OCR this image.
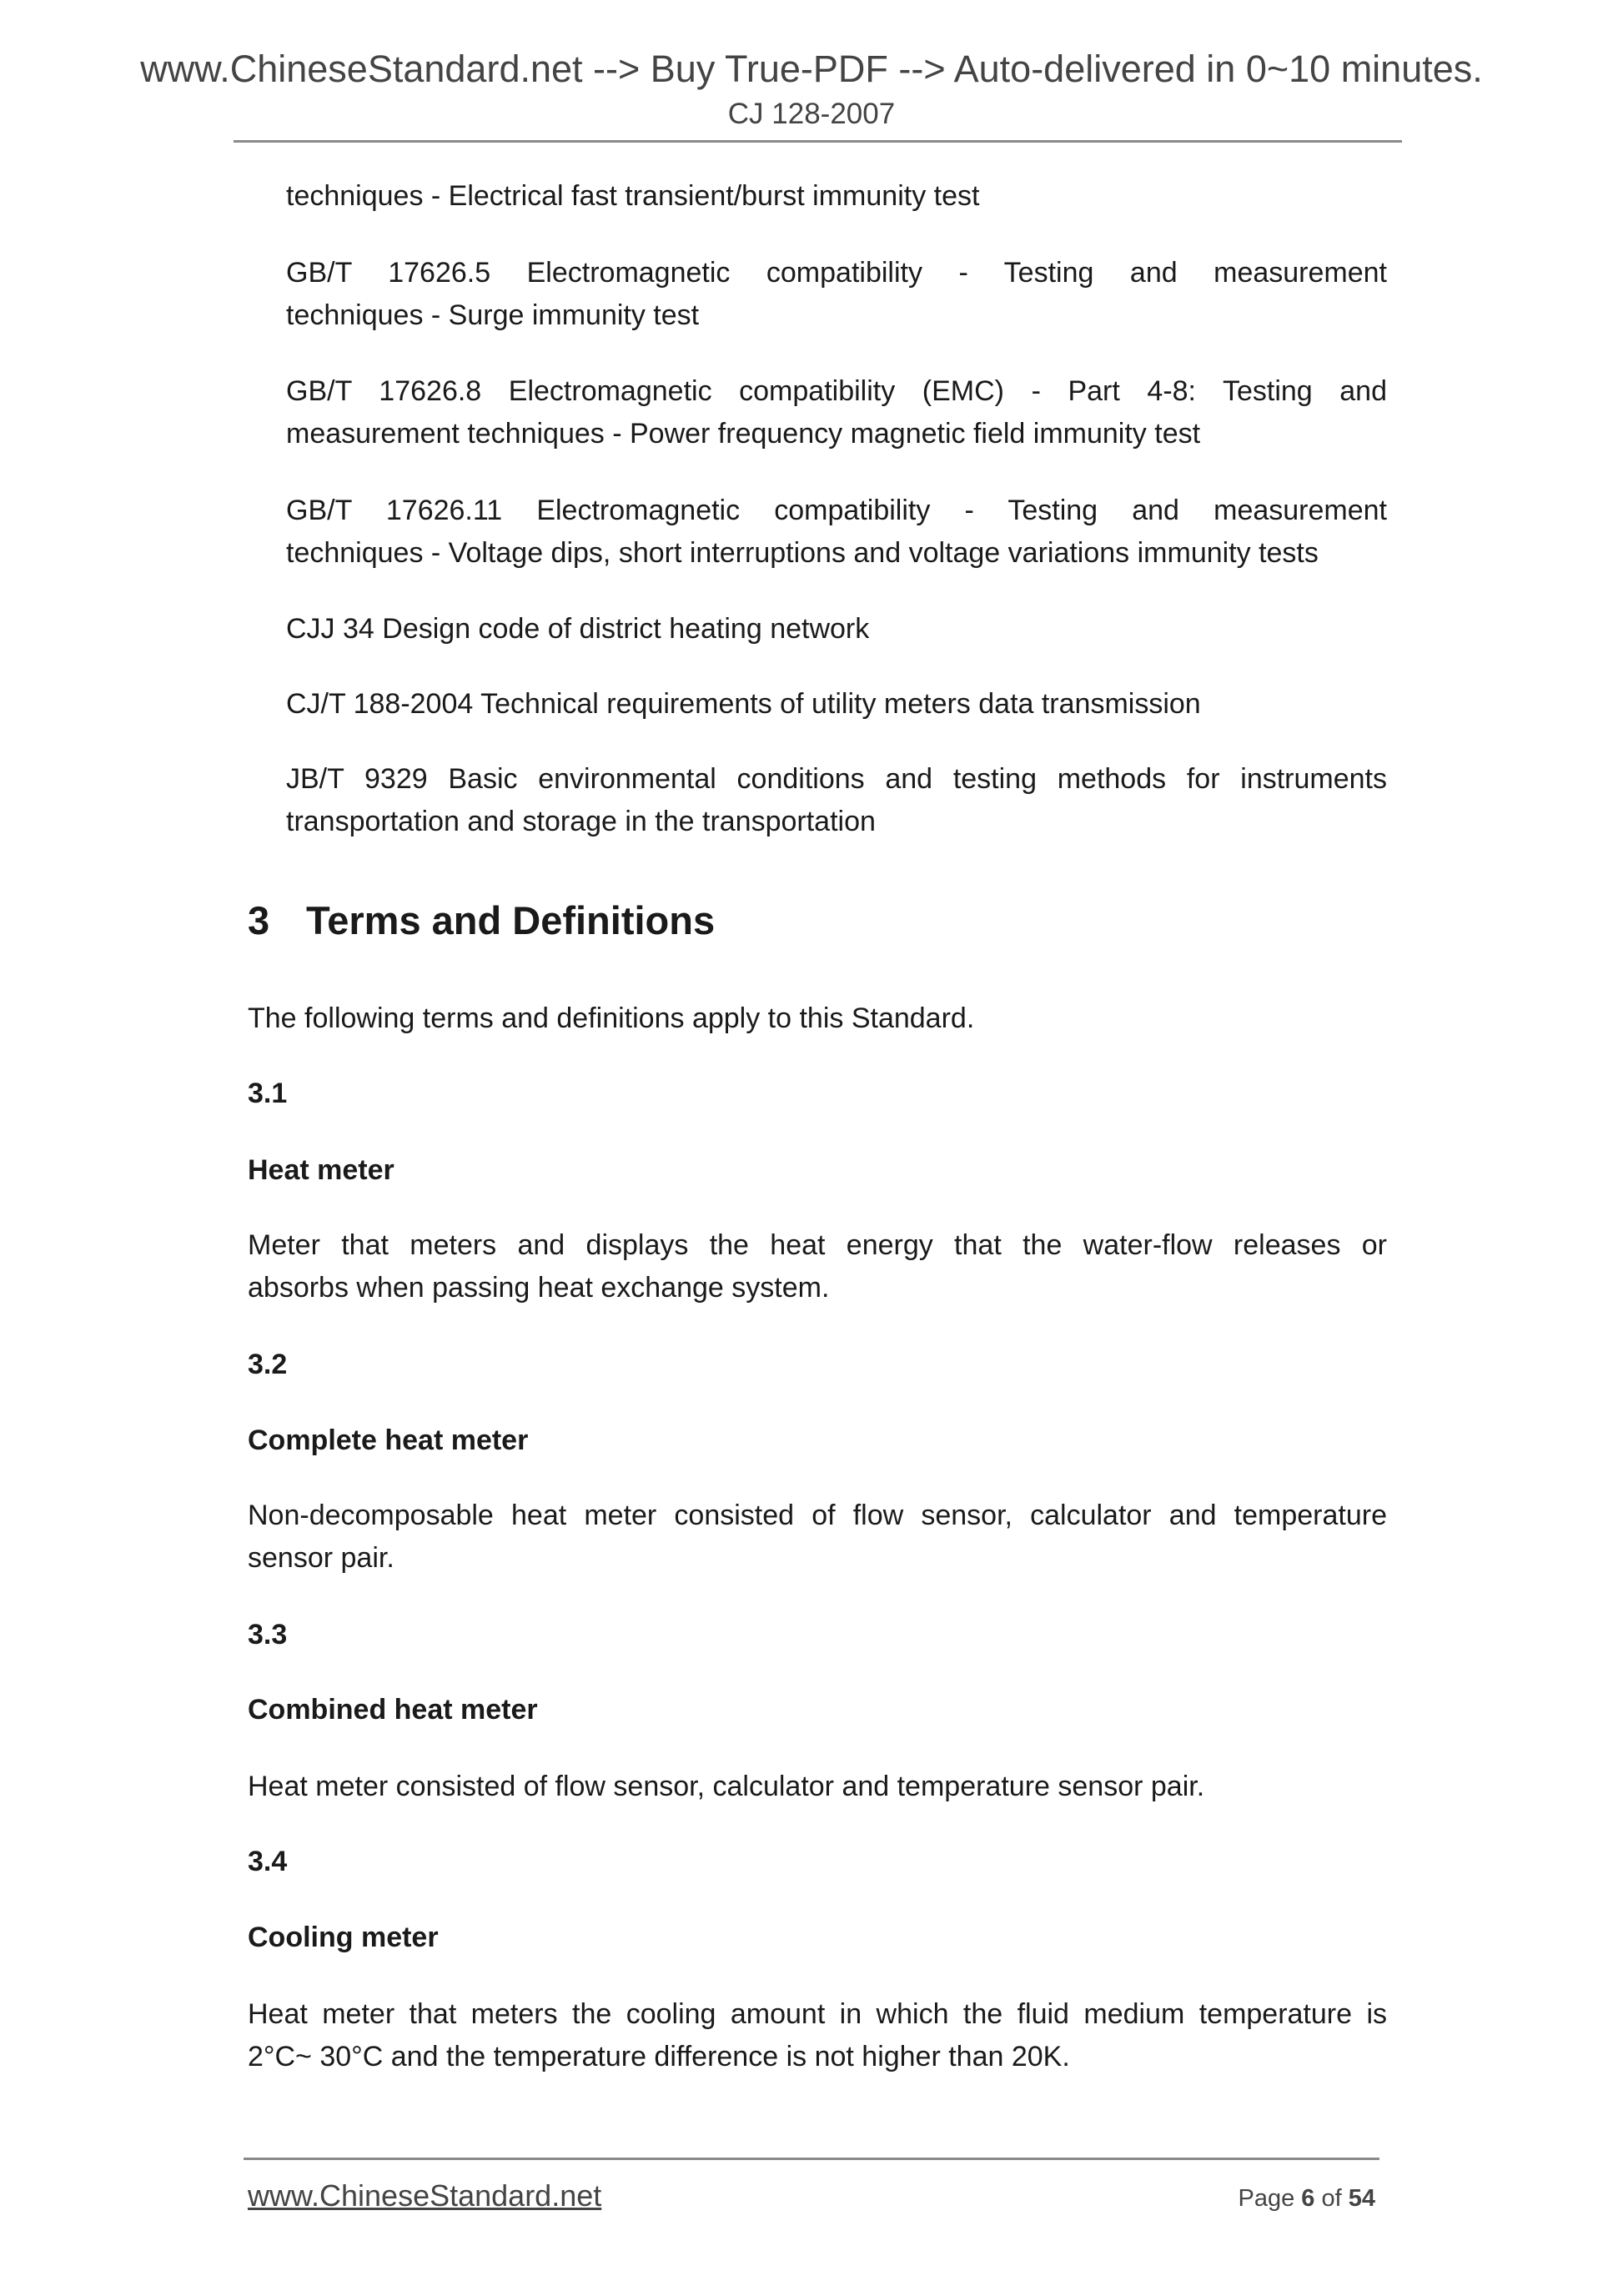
www.ChineseStandard.net --> Buy True-PDF --> Auto-delivered in 0~10 minutes.
CJ 128-2007
techniques - Electrical fast transient/burst immunity test
GB/T 17626.5 Electromagnetic compatibility - Testing and measurement
techniques - Surge immunity test
GB/T 17626.8 Electromagnetic compatibility (EMC) - Part 4-8: Testing and
measurement techniques - Power frequency magnetic field immunity test
GB/T 17626.11 Electromagnetic compatibility - Testing and measurement
techniques - Voltage dips, short interruptions and voltage variations immunity tests
CJJ 34 Design code of district heating network
CJ/T 188-2004 Technical requirements of utility meters data transmission
JB/T 9329 Basic environmental conditions and testing methods for instruments
transportation and storage in the transportation
3 Terms and Definitions
The following terms and definitions apply to this Standard.
3.1
Heat meter
Meter that meters and displays the heat energy that the water-flow releases or
absorbs when passing heat exchange system.
3.2
Complete heat meter
Non-decomposable heat meter consisted of flow sensor, calculator and temperature
sensor pair.
3.3
Combined heat meter
Heat meter consisted of flow sensor, calculator and temperature sensor pair.
3.4
Cooling meter
Heat meter that meters the cooling amount in which the fluid medium temperature is
2°C~ 30°C and the temperature difference is not higher than 20K.
www.ChineseStandard.net	Page 6 of 54
